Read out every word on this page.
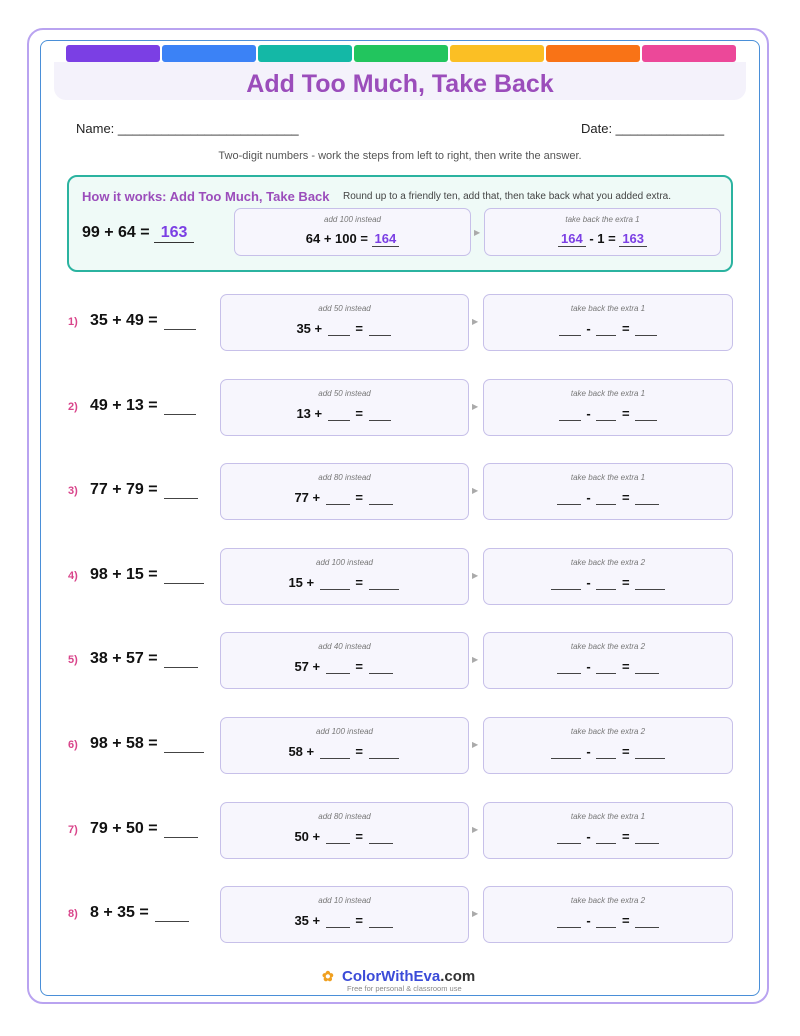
Add Too Much, Take Back
Name: _________________________	Date: _______________
Two-digit numbers - work the steps from left to right, then write the answer.
How it works: Add Too Much, Take Back Round up to a friendly ten, add that, then take back what you added extra.
99 + 64 = 163
add 100 instead
64 + 100 = 164	▶
take back the extra 1
164 - 1 = 163
1) 35 + 49 =
add 50 instead
35 +  =	▶
take back the extra 1
-  =
2) 49 + 13 =
add 50 instead
13 +  =	▶
take back the extra 1
-  =
3) 77 + 79 =
add 80 instead
77 +  =	▶
take back the extra 1
-  =
4) 98 + 15 =
add 100 instead
15 +	=	▶
take back the extra 2
-  =
5) 38 + 57 =
add 40 instead
57 +  =	▶
take back the extra 2
-  =
6) 98 + 58 =
add 100 instead
58 +	=	▶
take back the extra 2
-  =
7) 79 + 50 =
add 80 instead
50 +  =	▶
take back the extra 1
-  =
8) 8 + 35 =
add 10 instead
35 +  =	▶
take back the extra 2
-  =
✿ ColorWithEva.com
Free for personal & classroom use
